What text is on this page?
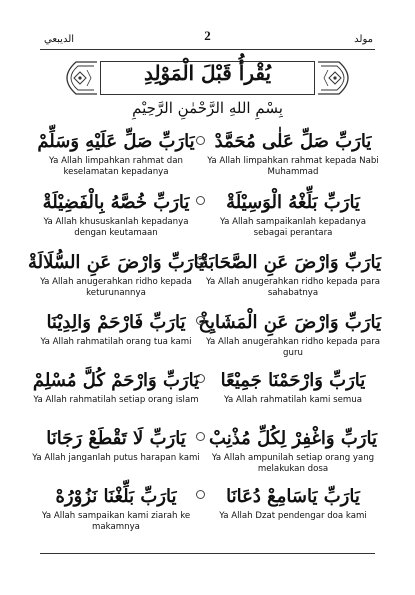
الديبعي	2	مولد
يُقْرأُ قَبْلَ الْمَوْلِدِ
بِسْمِ اللهِ الرَّحْمٰنِ الرَّحِيْمِ
يَارَبِّ صَلِّ عَلٰى مُحَمَّدْ
Ya Allah limpahkan rahmat kepada Nabi Muhammad
يَارَبِّ صَلِّ عَلَيْهِ وَسَلِّمْ
Ya Allah limpahkan rahmat dan keselamatan kepadanya
يَارَبِّ بَلِّغْهُ الْوَسِيْلَةْ
Ya Allah sampaikanlah kepadanya sebagai perantara
يَارَبِّ خُصَّهُ بِالْفَضِيْلَةْ
Ya Allah khususkanlah kepadanya dengan keutamaan
يَارَبِّ وَارْضَ عَنِ الصَّحَابَةْ
Ya Allah anugerahkan ridho kepada para sahabatnya
يَارَبِّ وَارْضَ عَنِ السُّلَالَةْ
Ya Allah anugerahkan ridho kepada keturunannya
يَارَبِّ وَارْضَ عَنِ الْمَشَايِخْ
Ya Allah anugerahkan ridho kepada para guru
يَارَبِّ فَارْحَمْ وَالِدِيْنَا
Ya Allah rahmatilah orang tua kami
يَارَبِّ وَارْحَمْنَا جَمِيْعًا
Ya Allah rahmatilah kami semua
يَارَبِّ وَارْحَمْ كُلَّ مُسْلِمْ
Ya Allah rahmatilah setiap orang islam
يَارَبِّ وَاغْفِرْ لِكُلِّ مُذْنِبْ
Ya Allah ampunilah setiap orang yang melakukan dosa
يَارَبِّ لَا تَقْطَعْ رَجَانَا
Ya Allah janganlah putus harapan kami
يَارَبِّ يَاسَامِعْ دُعَانَا
Ya Allah Dzat pendengar doa kami
يَارَبِّ بَلِّغْنَا نَزُوْرُهْ
Ya Allah sampaikan kami ziarah ke makamnya
